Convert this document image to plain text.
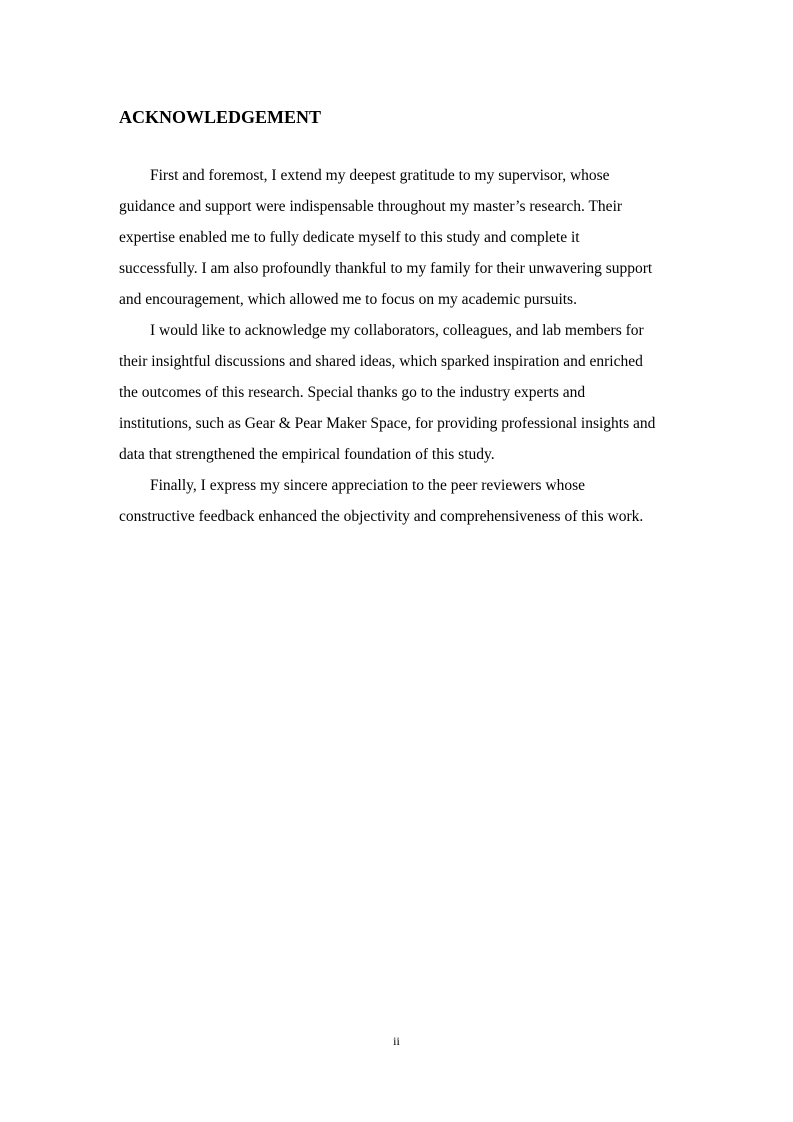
ACKNOWLEDGEMENT

First and foremost, I extend my deepest gratitude to my supervisor, whose
guidance and support were indispensable throughout my master’s research. Their
expertise enabled me to fully dedicate myself to this study and complete it
successfully. I am also profoundly thankful to my family for their unwavering support
and encouragement, which allowed me to focus on my academic pursuits.

I would like to acknowledge my collaborators, colleagues, and lab members for
their insightful discussions and shared ideas, which sparked inspiration and enriched
the outcomes of this research. Special thanks go to the industry experts and
institutions, such as Gear & Pear Maker Space, for providing professional insights and
data that strengthened the empirical foundation of this study.

Finally, I express my sincere appreciation to the peer reviewers whose
constructive feedback enhanced the objectivity and comprehensiveness of this work.

ii
